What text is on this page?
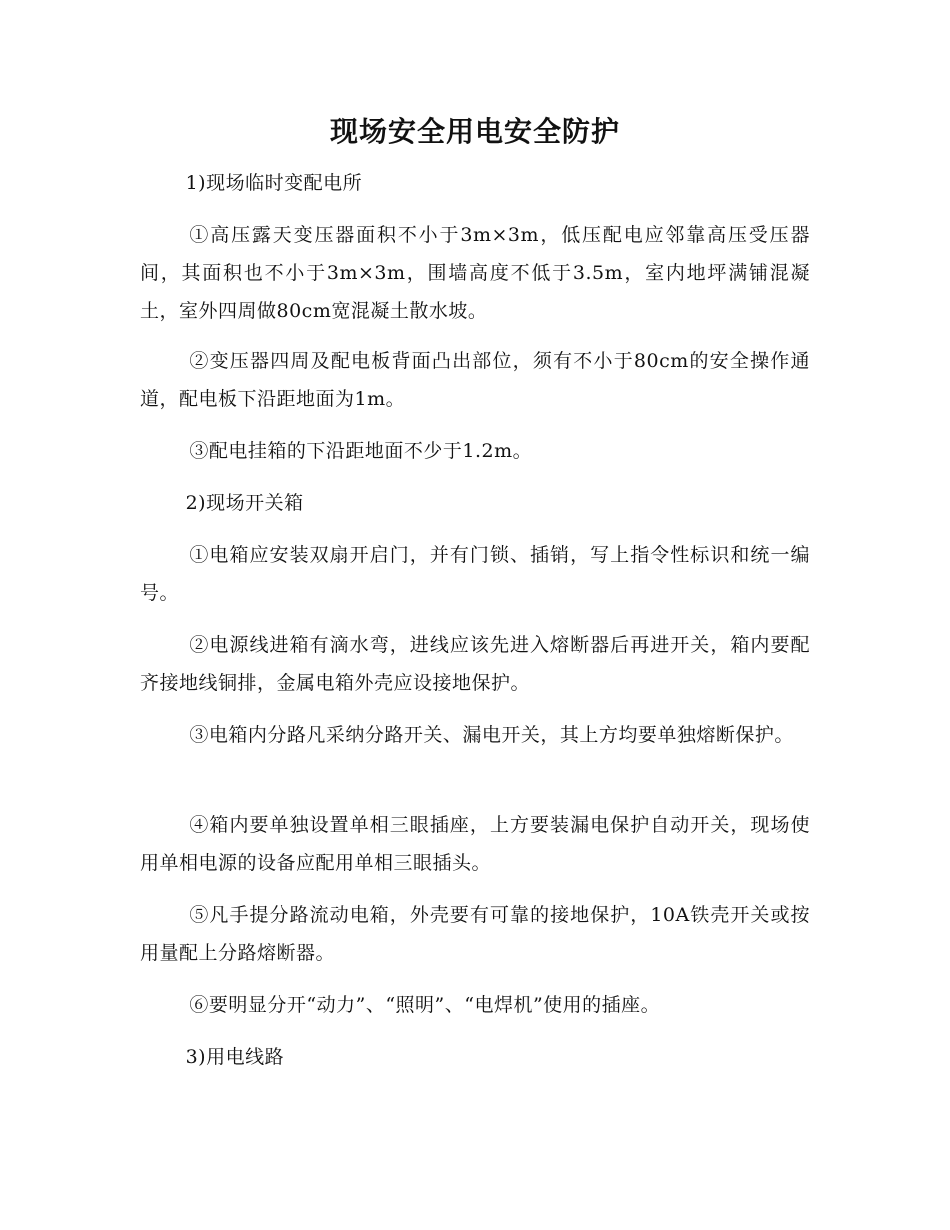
现场安全用电安全防护
1)现场临时变配电所
①高压露天变压器面积不小于3m×3m，低压配电应邻靠高压受压器间，其面积也不小于3m×3m，围墙高度不低于3.5m，室内地坪满铺混凝土，室外四周做80cm宽混凝土散水坡。
②变压器四周及配电板背面凸出部位，须有不小于80cm的安全操作通道，配电板下沿距地面为1m。
③配电挂箱的下沿距地面不少于1.2m。
2)现场开关箱
①电箱应安装双扇开启门，并有门锁、插销，写上指令性标识和统一编号。
②电源线进箱有滴水弯，进线应该先进入熔断器后再进开关，箱内要配齐接地线铜排，金属电箱外壳应设接地保护。
③电箱内分路凡采纳分路开关、漏电开关，其上方均要单独熔断保护。
④箱内要单独设置单相三眼插座，上方要装漏电保护自动开关，现场使用单相电源的设备应配用单相三眼插头。
⑤凡手提分路流动电箱，外壳要有可靠的接地保护，10A铁壳开关或按用量配上分路熔断器。
⑥要明显分开“动力”、“照明”、“电焊机”使用的插座。
3)用电线路
